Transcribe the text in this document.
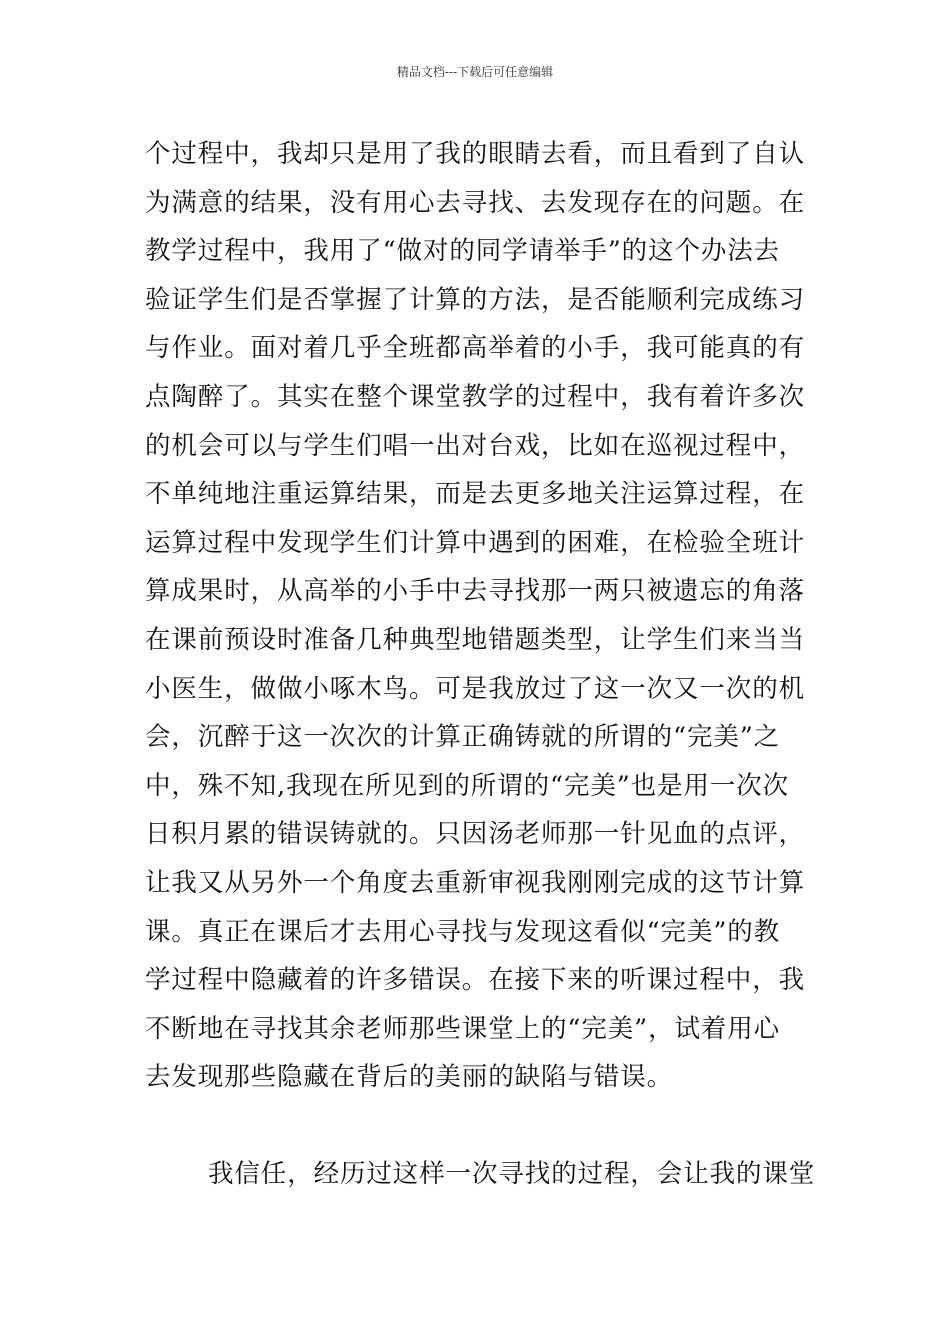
精品文档---下载后可任意编辑
个过程中，我却只是用了我的眼睛去看，而且看到了自认
为满意的结果，没有用心去寻找、去发现存在的问题。在
教学过程中，我用了“做对的同学请举手”的这个办法去
验证学生们是否掌握了计算的方法，是否能顺利完成练习
与作业。面对着几乎全班都高举着的小手，我可能真的有
点陶醉了。其实在整个课堂教学的过程中，我有着许多次
的机会可以与学生们唱一出对台戏，比如在巡视过程中，
不单纯地注重运算结果，而是去更多地关注运算过程，在
运算过程中发现学生们计算中遇到的困难，在检验全班计
算成果时，从高举的小手中去寻找那一两只被遗忘的角落
在课前预设时准备几种典型地错题类型，让学生们来当当
小医生，做做小啄木鸟。可是我放过了这一次又一次的机
会，沉醉于这一次次的计算正确铸就的所谓的“完美”之
中，殊不知,我现在所见到的所谓的“完美”也是用一次次
日积月累的错误铸就的。只因汤老师那一针见血的点评，
让我又从另外一个角度去重新审视我刚刚完成的这节计算
课。真正在课后才去用心寻找与发现这看似“完美”的教
学过程中隐藏着的许多错误。在接下来的听课过程中，我
不断地在寻找其余老师那些课堂上的“完美”，试着用心
去发现那些隐藏在背后的美丽的缺陷与错误。
我信任，经历过这样一次寻找的过程，会让我的课堂
